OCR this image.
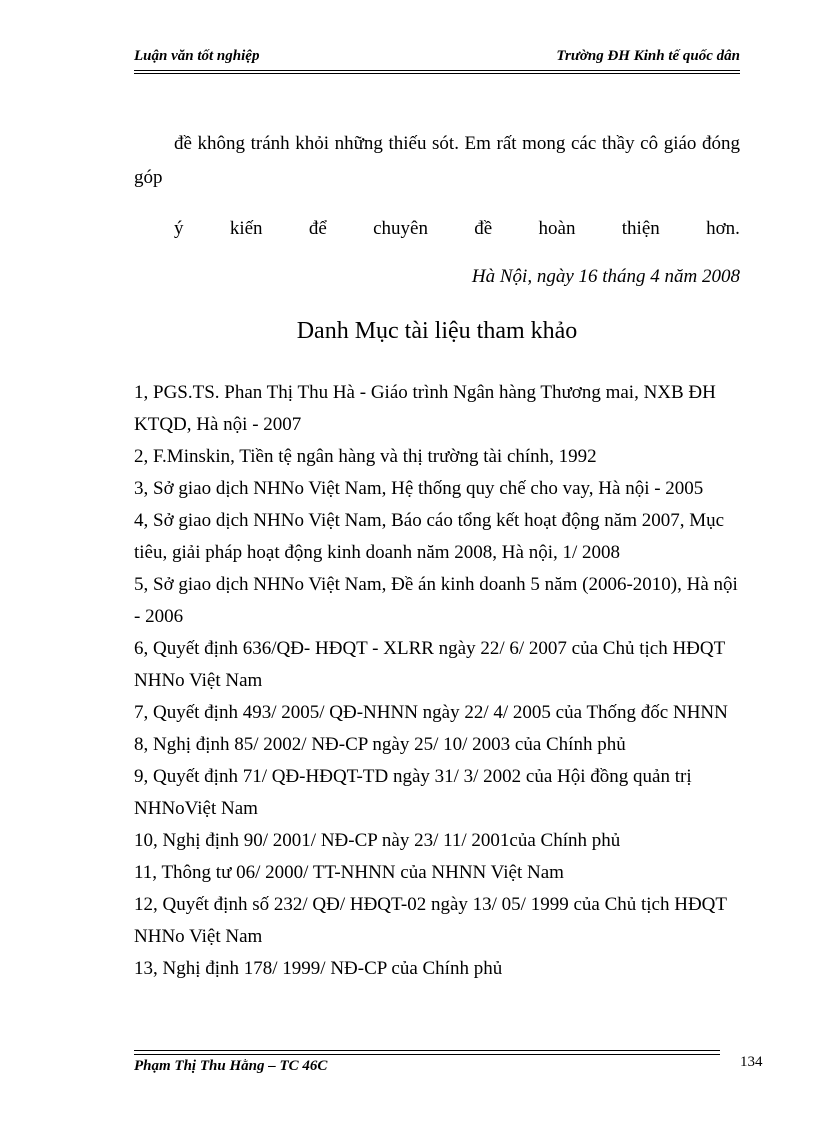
Luận văn tốt nghiệp	Trường ĐH Kinh tế quốc dân
đề không tránh khỏi những thiếu sót. Em rất mong các thầy cô giáo đóng
góp
ý kiến để chuyên đề hoàn thiện hơn.
Hà Nội, ngày 16 tháng 4 năm 2008
Danh Mục tài liệu tham khảo

1, PGS.TS. Phan Thị Thu Hà - Giáo trình Ngân hàng Thương mai, NXB ĐH KTQD, Hà nội - 2007

2, F.Minskin, Tiền tệ ngân hàng và thị trường tài chính, 1992

3, Sở giao dịch NHNo Việt Nam, Hệ thống quy chế cho vay, Hà nội - 2005

4, Sở giao dịch NHNo Việt Nam, Báo cáo tổng kết hoạt động năm 2007, Mục tiêu, giải pháp hoạt động kinh doanh năm 2008, Hà nội, 1/ 2008

5, Sở giao dịch NHNo Việt Nam, Đề án kinh doanh 5 năm (2006-2010), Hà nội - 2006

6, Quyết định 636/QĐ- HĐQT - XLRR ngày 22/ 6/ 2007 của Chủ tịch HĐQT NHNo Việt Nam

7, Quyết định 493/ 2005/ QĐ-NHNN ngày 22/ 4/ 2005 của Thống đốc NHNN

8, Nghị định 85/ 2002/ NĐ-CP ngày 25/ 10/ 2003 của Chính phủ

9, Quyết định 71/ QĐ-HĐQT-TD ngày 31/ 3/ 2002 của Hội đồng quản trị NHNoViệt Nam

10, Nghị định 90/ 2001/ NĐ-CP này 23/ 11/ 2001của Chính phủ

11, Thông tư 06/ 2000/ TT-NHNN của NHNN Việt Nam

12, Quyết định số 232/ QĐ/ HĐQT-02 ngày 13/ 05/ 1999 của Chủ tịch HĐQT NHNo Việt Nam

13, Nghị định 178/ 1999/ NĐ-CP của Chính phủ

Phạm Thị Thu Hằng – TC 46C	134
